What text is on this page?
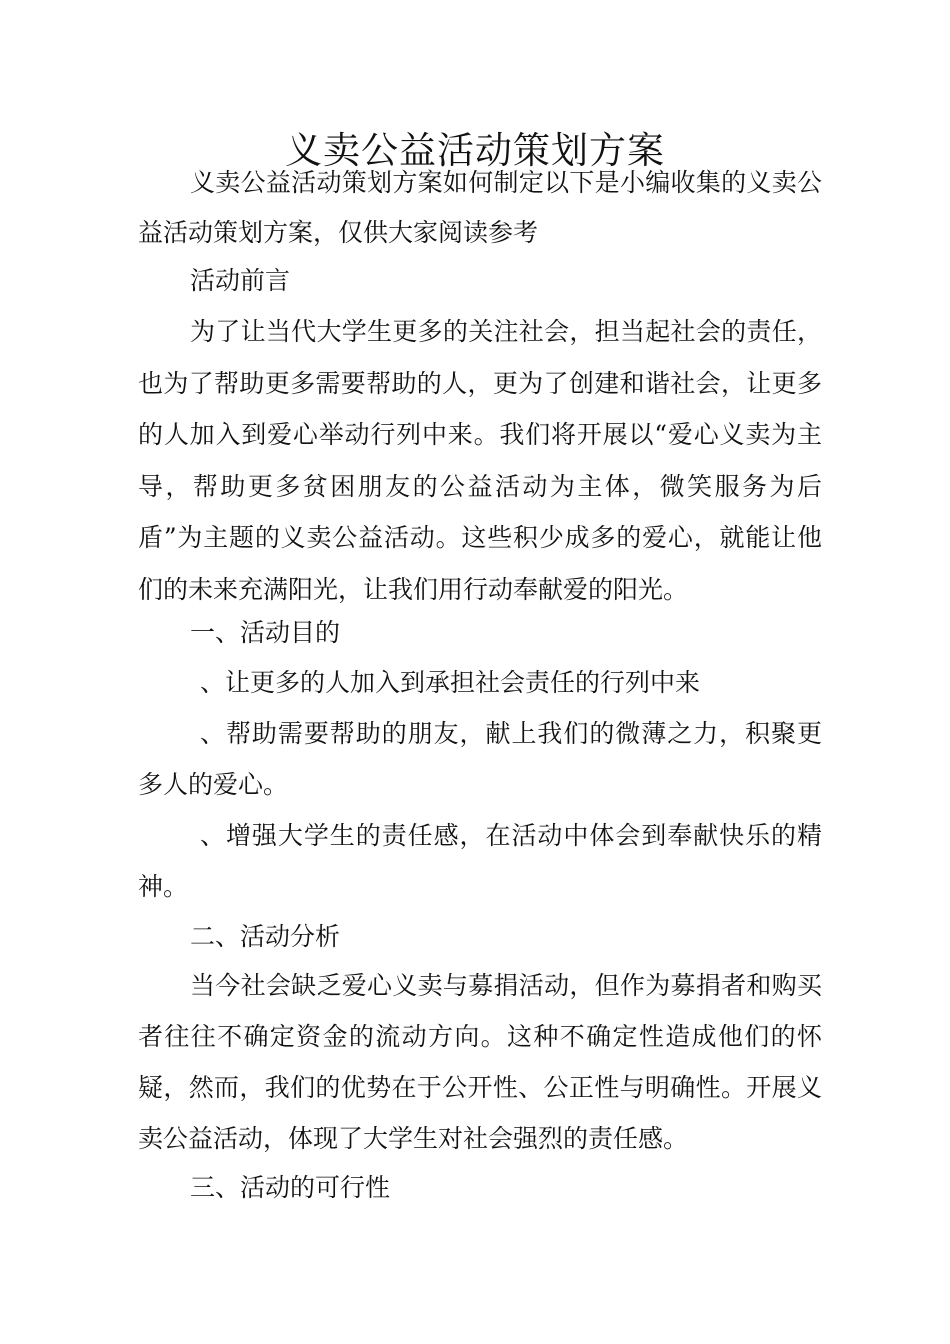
义卖公益活动策划方案

义卖公益活动策划方案如何制定以下是小编收集的义卖公益活动策划方案，仅供大家阅读参考

活动前言

为了让当代大学生更多的关注社会，担当起社会的责任，也为了帮助更多需要帮助的人，更为了创建和谐社会，让更多的人加入到爱心举动行列中来。我们将开展以“爱心义卖为主导，帮助更多贫困朋友的公益活动为主体，微笑服务为后盾”为主题的义卖公益活动。这些积少成多的爱心，就能让他们的未来充满阳光，让我们用行动奉献爱的阳光。

一、活动目的

、让更多的人加入到承担社会责任的行列中来

、帮助需要帮助的朋友，献上我们的微薄之力，积聚更多人的爱心。

、增强大学生的责任感，在活动中体会到奉献快乐的精神。

二、活动分析

当今社会缺乏爱心义卖与募捐活动，但作为募捐者和购买者往往不确定资金的流动方向。这种不确定性造成他们的怀疑，然而，我们的优势在于公开性、公正性与明确性。开展义卖公益活动，体现了大学生对社会强烈的责任感。

三、活动的可行性
